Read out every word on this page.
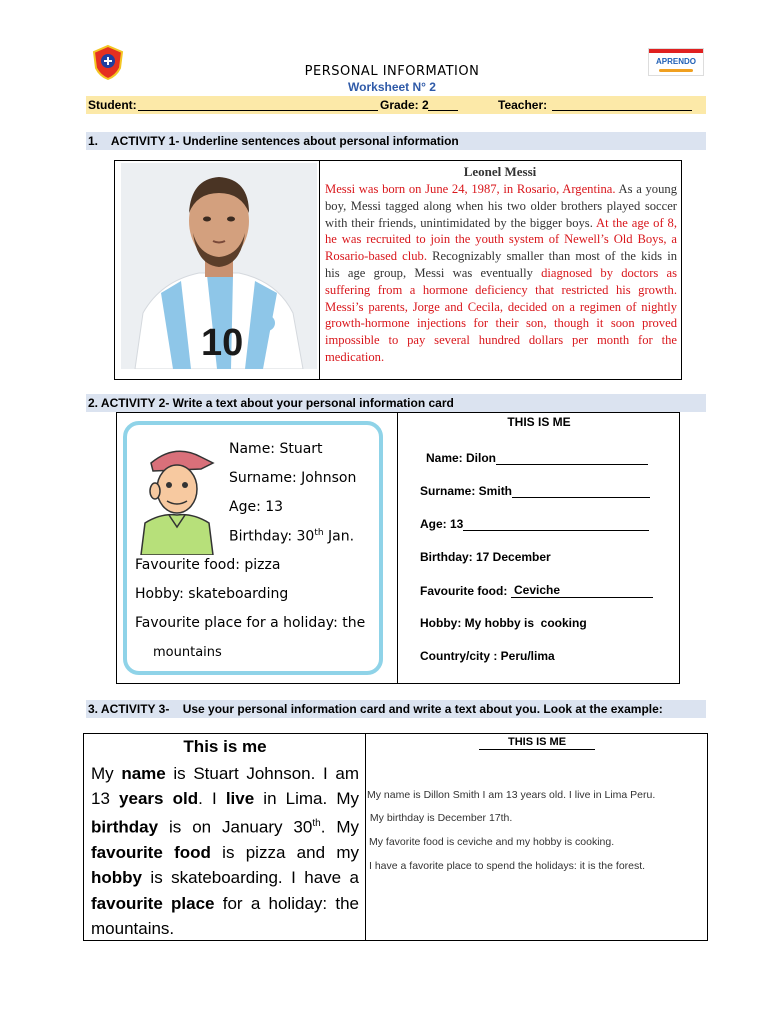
APRENDO
PERSONAL INFORMATION
Worksheet N° 2
Student:	Grade: 2	Teacher:
1.    ACTIVITY 1- Underline sentences about personal information
10
Leonel Messi
Messi was born on June 24, 1987, in Rosario, Argentina. As a young boy, Messi tagged along when his two older brothers played soccer with their friends, unintimidated by the bigger boys. At the age of 8, he was recruited to join the youth system of Newell’s Old Boys, a Rosario-based club. Recognizably smaller than most of the kids in his age group, Messi was eventually diagnosed by doctors as suffering from a hormone deficiency that restricted his growth. Messi’s parents, Jorge and Cecila, decided on a regimen of nightly growth-hormone injections for their son, though it soon proved impossible to pay several hundred dollars per month for the medication.
2. ACTIVITY 2- Write a text about your personal information card
Name: Stuart
Surname: Johnson
Age: 13
Birthday: 30th Jan.
Favourite food: pizza
Hobby: skateboarding
Favourite place for a holiday: the
mountains
THIS IS ME
Name: Dilon
Surname: Smith
Age: 13
Birthday: 17 December
Favourite food:  Ceviche
Hobby: My hobby is  cooking
Country/city : Peru/lima
3. ACTIVITY 3-    Use your personal information card and write a text about you. Look at the example:
This is me
My name is Stuart Johnson. I am 13 years old. I live in Lima. My birthday is on January 30th. My favourite food is pizza and my hobby is skateboarding. I have a favourite place for a holiday: the mountains.
THIS IS ME
My name is Dillon Smith I am 13 years old. I live in Lima Peru.
My birthday is December 17th.
My favorite food is ceviche and my hobby is cooking.
I have a favorite place to spend the holidays: it is the forest.
